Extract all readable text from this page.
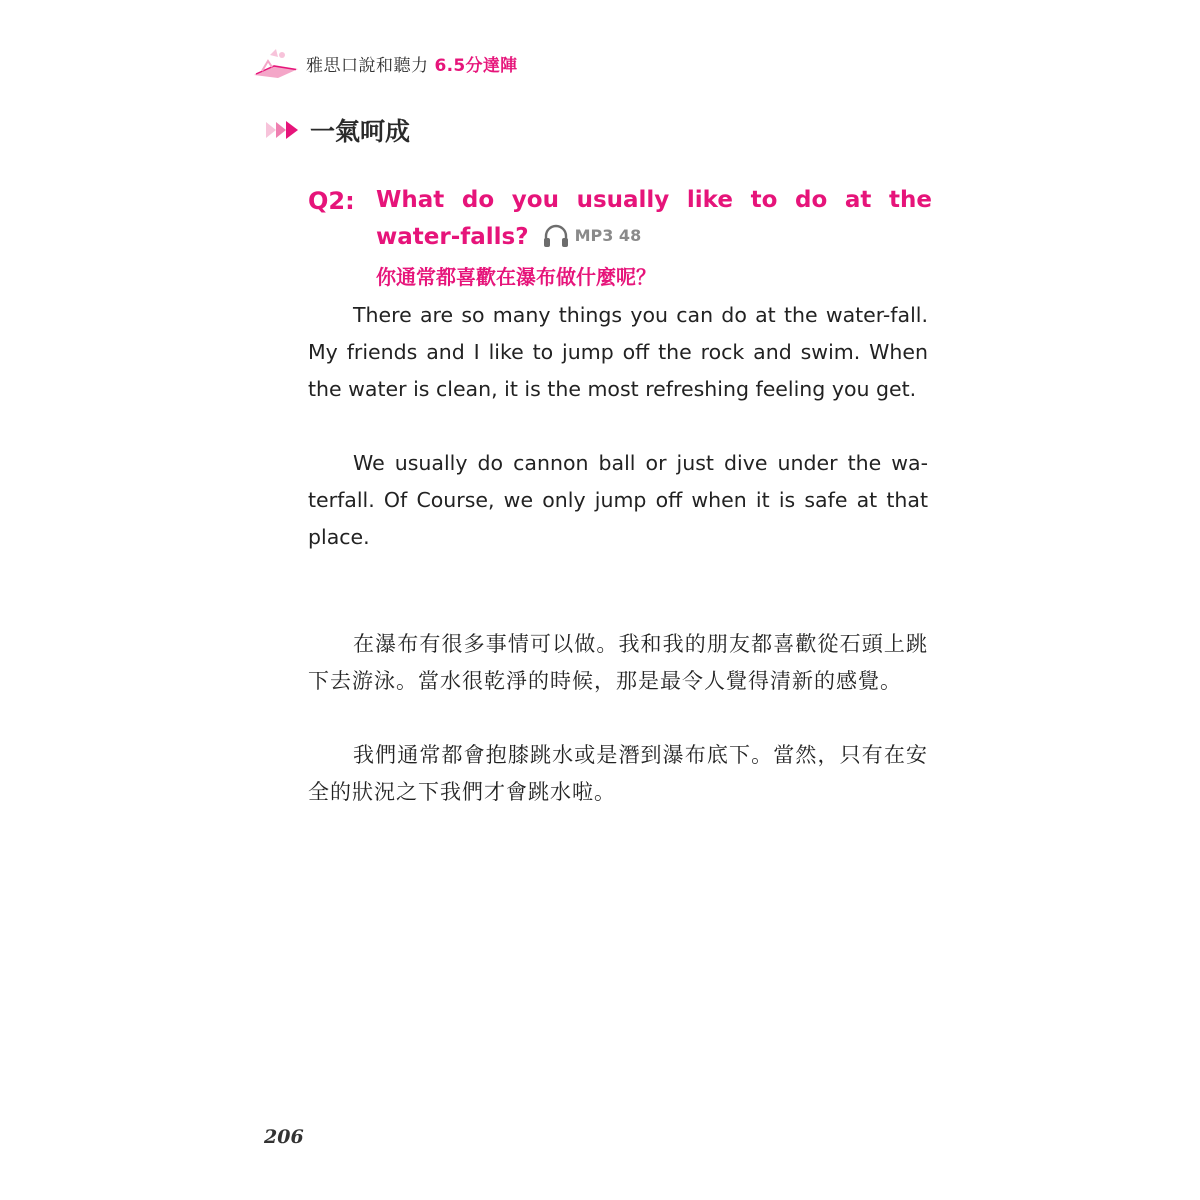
雅思口說和聽力 6.5分達陣
一氣呵成
Q2: What do you usually like to do at the water-falls?	MP3 48
你通常都喜歡在瀑布做什麼呢？

There are so many things you can do at the water-fall. My friends and I like to jump off the rock and swim. When the water is clean, it is the most refreshing feeling you get.

We usually do cannon ball or just dive under the wa-terfall. Of Course, we only jump off when it is safe at that place.

在瀑布有很多事情可以做。我和我的朋友都喜歡從石頭上跳下去游泳。當水很乾淨的時候，那是最令人覺得清新的感覺。

我們通常都會抱膝跳水或是潛到瀑布底下。當然，只有在安全的狀況之下我們才會跳水啦。

206
